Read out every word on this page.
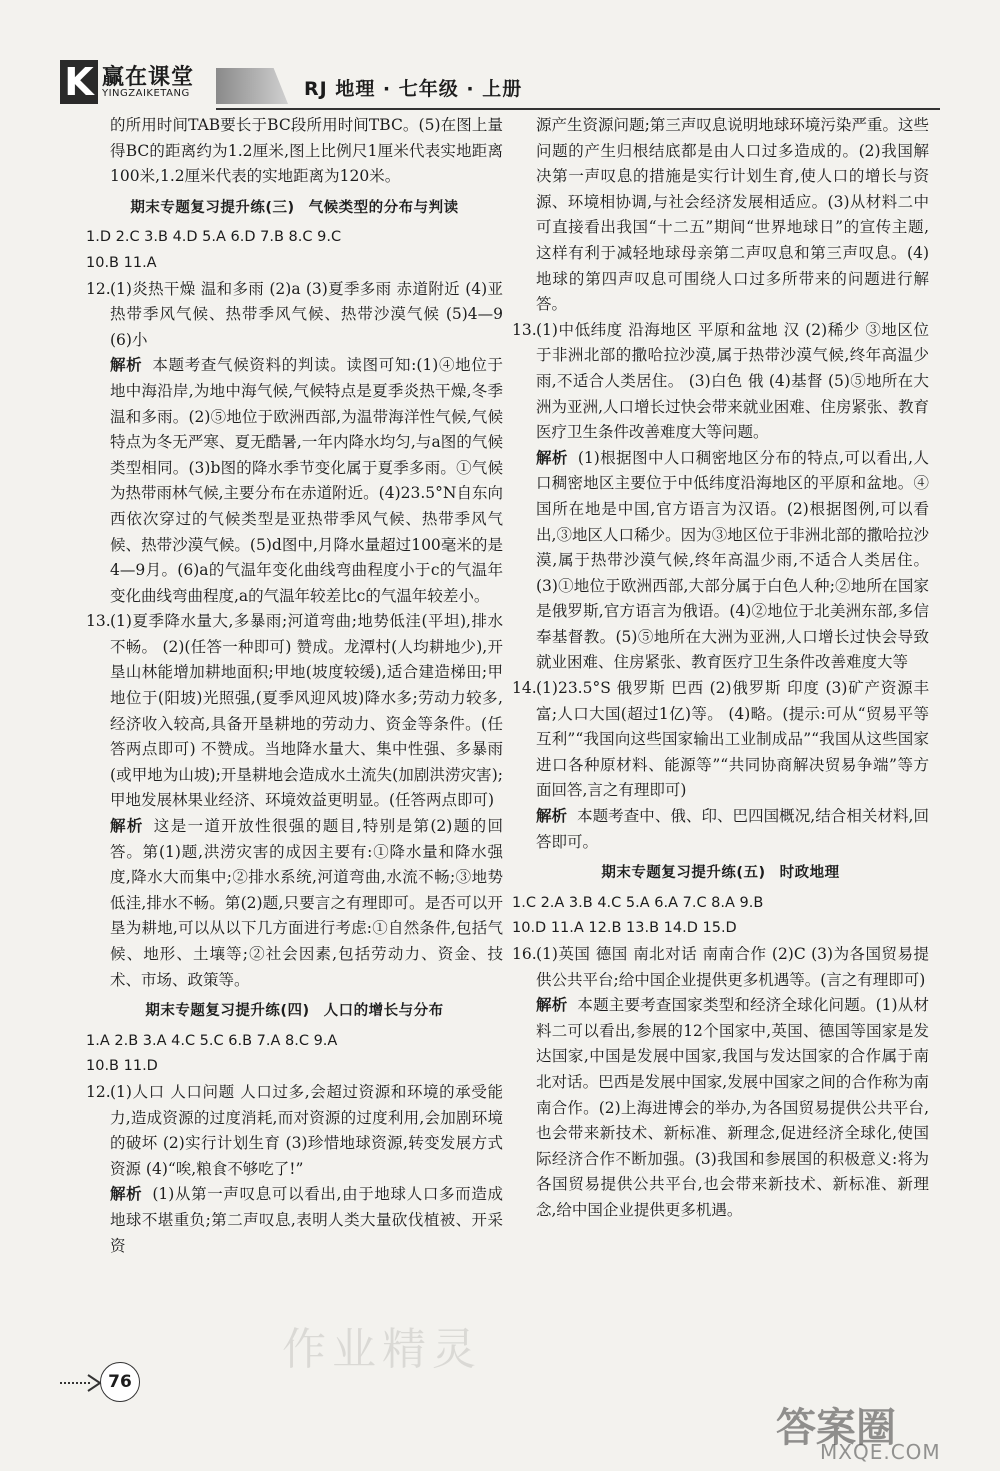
K 赢在课堂
YINGZAIKETANG	RJ 地理 · 七年级 · 上册

的所用时间TAB要长于BC段所用时间TBC。(5)在图上量得BC的距离约为1.2厘米,图上比例尺1厘米代表实地距离100米,1.2厘米代表的实地距离为120米。

期末专题复习提升练(三) 气候类型的分布与判读

1.D 2.C 3.B 4.D 5.A 6.D 7.B 8.C 9.C

10.B 11.A

12.(1)炎热干燥 温和多雨 (2)a (3)夏季多雨 赤道附近 (4)亚热带季风气候、热带季风气候、热带沙漠气候 (5)4—9 (6)小

解析 本题考查气候资料的判读。读图可知:(1)④地位于地中海沿岸,为地中海气候,气候特点是夏季炎热干燥,冬季温和多雨。(2)⑤地位于欧洲西部,为温带海洋性气候,气候特点为冬无严寒、夏无酷暑,一年内降水均匀,与a图的气候类型相同。(3)b图的降水季节变化属于夏季多雨。①气候为热带雨林气候,主要分布在赤道附近。(4)23.5°N自东向西依次穿过的气候类型是亚热带季风气候、热带季风气候、热带沙漠气候。(5)d图中,月降水量超过100毫米的是4—9月。(6)a的气温年变化曲线弯曲程度小于c的气温年变化曲线弯曲程度,a的气温年较差比c的气温年较差小。

13.(1)夏季降水量大,多暴雨;河道弯曲;地势低洼(平坦),排水不畅。 (2)(任答一种即可) 赞成。龙潭村(人均耕地少),开垦山林能增加耕地面积;甲地(坡度较缓),适合建造梯田;甲地位于(阳坡)光照强,(夏季风迎风坡)降水多;劳动力较多,经济收入较高,具备开垦耕地的劳动力、资金等条件。(任答两点即可) 不赞成。当地降水量大、集中性强、多暴雨(或甲地为山坡);开垦耕地会造成水土流失(加剧洪涝灾害);甲地发展林果业经济、环境效益更明显。(任答两点即可)

解析 这是一道开放性很强的题目,特别是第(2)题的回答。第(1)题,洪涝灾害的成因主要有:①降水量和降水强度,降水大而集中;②排水系统,河道弯曲,水流不畅;③地势低洼,排水不畅。第(2)题,只要言之有理即可。是否可以开垦为耕地,可以从以下几方面进行考虑:①自然条件,包括气候、地形、土壤等;②社会因素,包括劳动力、资金、技术、市场、政策等。

期末专题复习提升练(四) 人口的增长与分布

1.A 2.B 3.A 4.C 5.C 6.B 7.A 8.C 9.A

10.B 11.D

12.(1)人口 人口问题 人口过多,会超过资源和环境的承受能力,造成资源的过度消耗,而对资源的过度利用,会加剧环境的破坏 (2)实行计划生育 (3)珍惜地球资源,转变发展方式 资源 (4)“唉,粮食不够吃了!”

解析 (1)从第一声叹息可以看出,由于地球人口多而造成地球不堪重负;第二声叹息,表明人类大量砍伐植被、开采资

源产生资源问题;第三声叹息说明地球环境污染严重。这些问题的产生归根结底都是由人口过多造成的。(2)我国解决第一声叹息的措施是实行计划生育,使人口的增长与资源、环境相协调,与社会经济发展相适应。(3)从材料二中可直接看出我国“十二五”期间“世界地球日”的宣传主题,这样有利于减轻地球母亲第二声叹息和第三声叹息。(4)地球的第四声叹息可围绕人口过多所带来的问题进行解答。

13.(1)中低纬度 沿海地区 平原和盆地 汉 (2)稀少 ③地区位于非洲北部的撒哈拉沙漠,属于热带沙漠气候,终年高温少雨,不适合人类居住。 (3)白色 俄 (4)基督 (5)⑤地所在大洲为亚洲,人口增长过快会带来就业困难、住房紧张、教育医疗卫生条件改善难度大等问题。

解析 (1)根据图中人口稠密地区分布的特点,可以看出,人口稠密地区主要位于中低纬度沿海地区的平原和盆地。④国所在地是中国,官方语言为汉语。(2)根据图例,可以看出,③地区人口稀少。因为③地区位于非洲北部的撒哈拉沙漠,属于热带沙漠气候,终年高温少雨,不适合人类居住。(3)①地位于欧洲西部,大部分属于白色人种;②地所在国家是俄罗斯,官方语言为俄语。(4)②地位于北美洲东部,多信奉基督教。(5)⑤地所在大洲为亚洲,人口增长过快会导致就业困难、住房紧张、教育医疗卫生条件改善难度大等

14.(1)23.5°S 俄罗斯 巴西 (2)俄罗斯 印度 (3)矿产资源丰富;人口大国(超过1亿)等。 (4)略。(提示:可从“贸易平等互利”“我国向这些国家输出工业制成品”“我国从这些国家进口各种原材料、能源等”“共同协商解决贸易争端”等方面回答,言之有理即可)

解析 本题考查中、俄、印、巴四国概况,结合相关材料,回答即可。

期末专题复习提升练(五) 时政地理

1.C 2.A 3.B 4.C 5.A 6.A 7.C 8.A 9.B

10.D 11.A 12.B 13.B 14.D 15.D

16.(1)英国 德国 南北对话 南南合作 (2)C (3)为各国贸易提供公共平台;给中国企业提供更多机遇等。(言之有理即可)

解析 本题主要考查国家类型和经济全球化问题。(1)从材料二可以看出,参展的12个国家中,英国、德国等国家是发达国家,中国是发展中国家,我国与发达国家的合作属于南北对话。巴西是发展中国家,发展中国家之间的合作称为南南合作。(2)上海进博会的举办,为各国贸易提供公共平台,也会带来新技术、新标准、新理念,促进经济全球化,使国际经济合作不断加强。(3)我国和参展国的积极意义:将为各国贸易提供公共平台,也会带来新技术、新标准、新理念,给中国企业提供更多机遇。

76
作业精灵
答案圈
MXQE.COM
